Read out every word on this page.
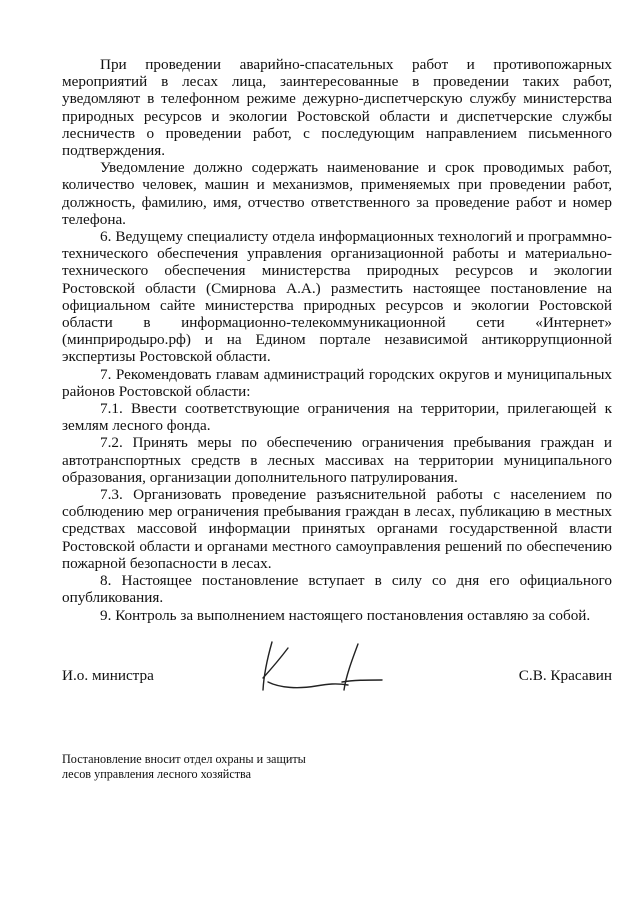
При проведении аварийно-спасательных работ и противопожарных мероприятий в лесах лица, заинтересованные в проведении таких работ, уведомляют в телефонном режиме дежурно-диспетчерскую службу министерства природных ресурсов и экологии Ростовской области и диспетчерские службы лесничеств о проведении работ, с последующим направлением письменного подтверждения.

Уведомление должно содержать наименование и срок проводимых работ, количество человек, машин и механизмов, применяемых при проведении работ, должность, фамилию, имя, отчество ответственного за проведение работ и номер телефона.

6. Ведущему специалисту отдела информационных технологий и программно-технического обеспечения управления организационной работы и материально-технического обеспечения министерства природных ресурсов и экологии Ростовской области (Смирнова А.А.) разместить настоящее постановление на официальном сайте министерства природных ресурсов и экологии Ростовской области в информационно-телекоммуникационной сети «Интернет» (минприродыро.рф) и на Едином портале независимой антикоррупционной экспертизы Ростовской области.

7. Рекомендовать главам администраций городских округов и муниципальных районов Ростовской области:

7.1. Ввести соответствующие ограничения на территории, прилегающей к землям лесного фонда.

7.2. Принять меры по обеспечению ограничения пребывания граждан и автотранспортных средств в лесных массивах на территории муниципального образования, организации дополнительного патрулирования.

7.3. Организовать проведение разъяснительной работы с населением по соблюдению мер ограничения пребывания граждан в лесах, публикацию в местных средствах массовой информации принятых органами государственной власти Ростовской области и органами местного самоуправления решений по обеспечению пожарной безопасности в лесах.

8. Настоящее постановление вступает в силу со дня его официального опубликования.

9. Контроль за выполнением настоящего постановления оставляю за собой.

И.о. министра	С.В. Красавин
Постановление вносит отдел охраны и защиты
лесов управления лесного хозяйства
